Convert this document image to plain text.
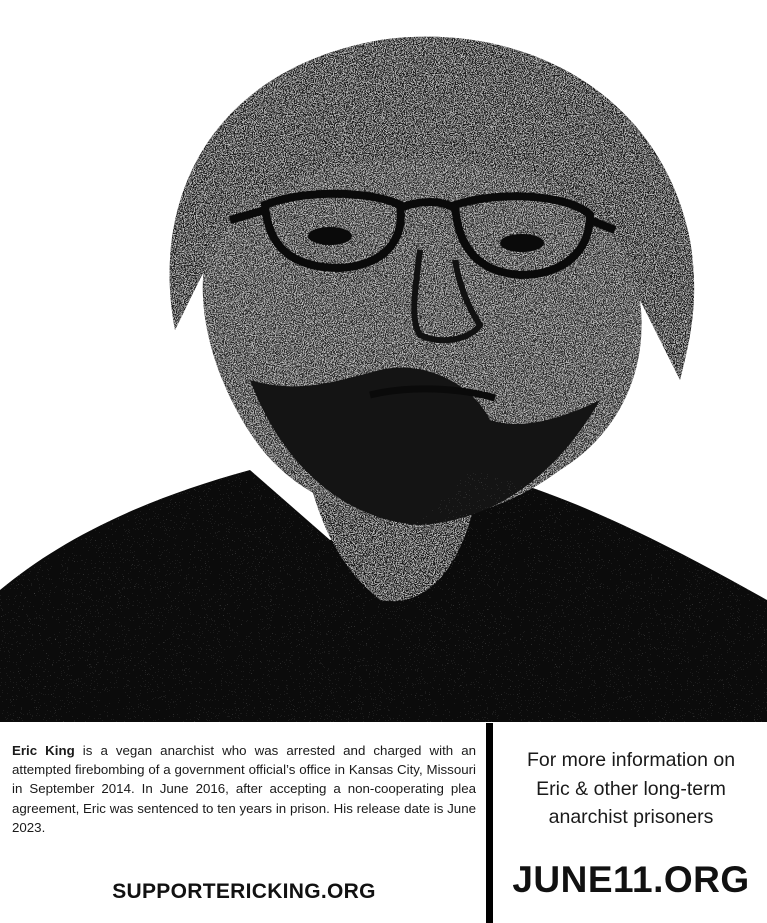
Eric King is a vegan anarchist who was arrested and charged with an attempted firebombing of a government official’s office in Kansas City, Missouri in September 2014. In June 2016, after accepting a non-cooperating plea agreement, Eric was sentenced to ten years in prison. His release date is June 2023.
SUPPORTERICKING.ORG
For more information on
Eric & other long-term
anarchist prisoners
JUNE11.ORG
